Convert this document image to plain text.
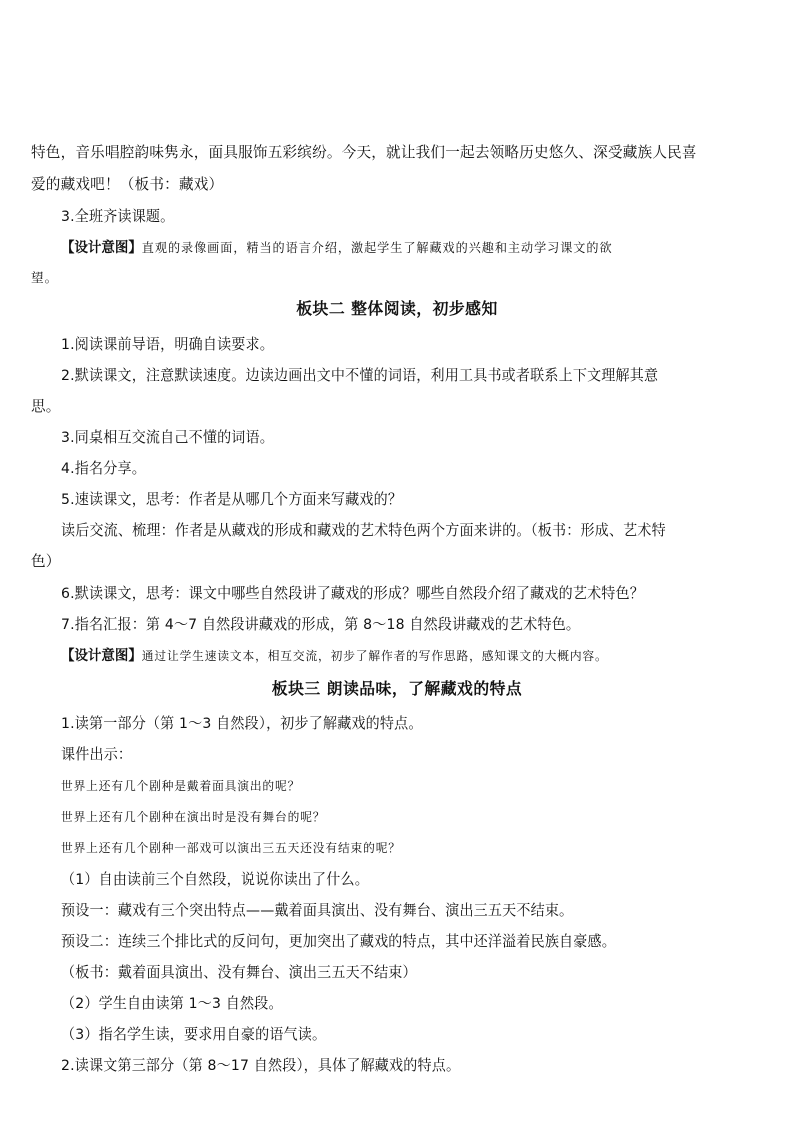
特色，音乐唱腔韵味隽永，面具服饰五彩缤纷。今天，就让我们一起去领略历史悠久、深受藏族人民喜
爱的藏戏吧！（板书：藏戏）
3.全班齐读课题。
【设计意图】直观的录像画面，精当的语言介绍，激起学生了解藏戏的兴趣和主动学习课文的欲
望。
板块二 整体阅读，初步感知
1.阅读课前导语，明确自读要求。
2.默读课文，注意默读速度。边读边画出文中不懂的词语，利用工具书或者联系上下文理解其意
思。
3.同桌相互交流自己不懂的词语。
4.指名分享。
5.速读课文，思考：作者是从哪几个方面来写藏戏的？
读后交流、梳理：作者是从藏戏的形成和藏戏的艺术特色两个方面来讲的。（板书：形成、艺术特
色）
6.默读课文，思考：课文中哪些自然段讲了藏戏的形成？哪些自然段介绍了藏戏的艺术特色？
7.指名汇报：第 4～7 自然段讲藏戏的形成，第 8～18 自然段讲藏戏的艺术特色。
【设计意图】通过让学生速读文本，相互交流，初步了解作者的写作思路，感知课文的大概内容。
板块三 朗读品味，了解藏戏的特点
1.读第一部分（第 1～3 自然段），初步了解藏戏的特点。
课件出示：
世界上还有几个剧种是戴着面具演出的呢？
世界上还有几个剧种在演出时是没有舞台的呢？
世界上还有几个剧种一部戏可以演出三五天还没有结束的呢？
（1）自由读前三个自然段，说说你读出了什么。
预设一：藏戏有三个突出特点——戴着面具演出、没有舞台、演出三五天不结束。
预设二：连续三个排比式的反问句，更加突出了藏戏的特点，其中还洋溢着民族自豪感。
（板书：戴着面具演出、没有舞台、演出三五天不结束）
（2）学生自由读第 1～3 自然段。
（3）指名学生读，要求用自豪的语气读。
2.读课文第三部分（第 8～17 自然段），具体了解藏戏的特点。
